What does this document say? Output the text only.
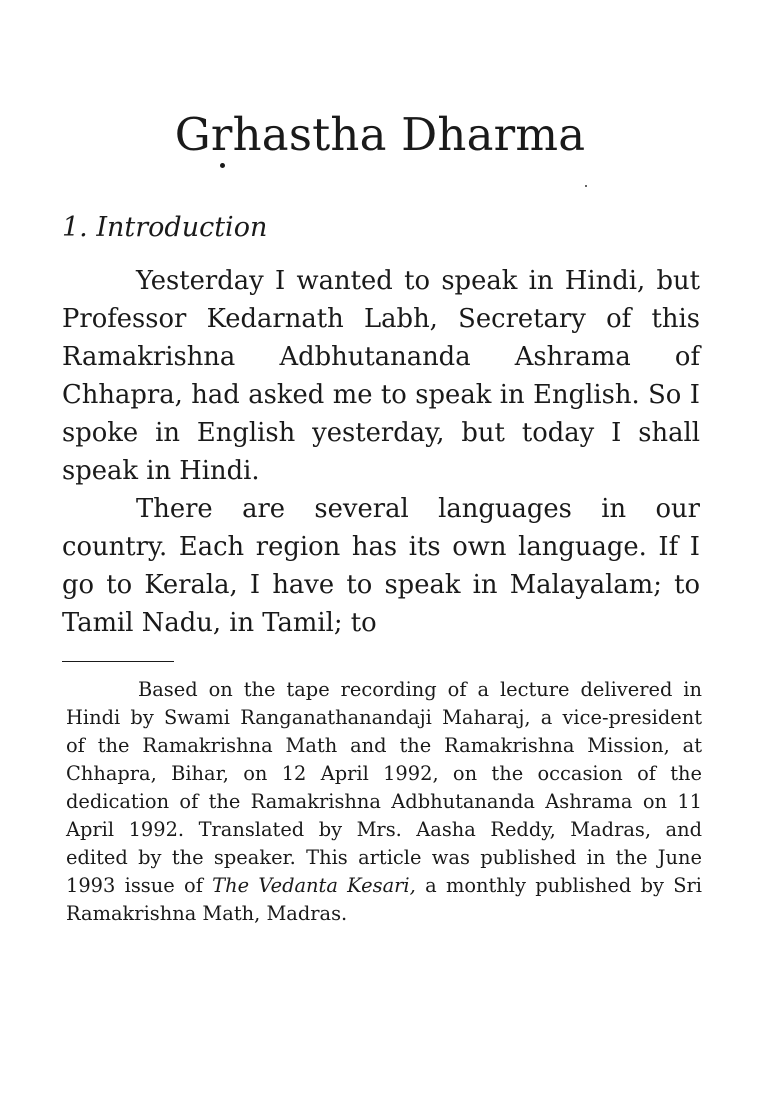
Grhastha Dharma
1. Introduction

Yesterday I wanted to speak in Hindi, but Professor Kedarnath Labh, Secretary of this Ramakrishna Adbhutananda Ashrama of Chhapra, had asked me to speak in English. So I spoke in English yesterday, but today I shall speak in Hindi.

There are several languages in our country. Each region has its own language. If I go to Kerala, I have to speak in Malayalam; to Tamil Nadu, in Tamil; to

Based on the tape recording of a lecture delivered in Hindi by Swami Ranganathanandaji Maharaj, a vice-president of the Ramakrishna Math and the Ramakrishna Mission, at Chhapra, Bihar, on 12 April 1992, on the occasion of the dedication of the Ramakrishna Adbhutananda Ashrama on 11 April 1992. Translated by Mrs. Aasha Reddy, Madras, and edited by the speaker. This article was published in the June 1993 issue of The Vedanta Kesari, a monthly published by Sri Ramakrishna Math, Madras.
